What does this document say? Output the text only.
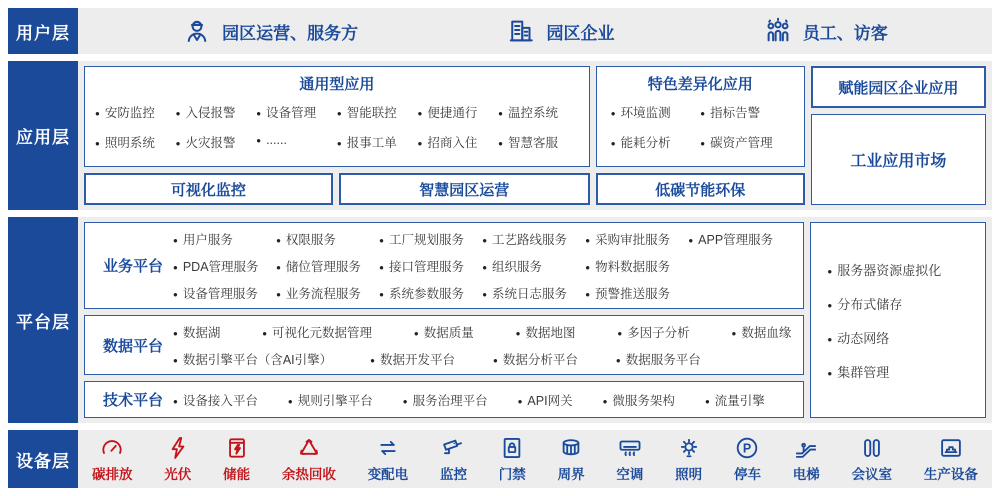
用户层	园区运营、服务方	园区企业	员工、访客
应用层
通用型应用
● 安防监控	● 入侵报警	● 设备管理	● 智能联控	● 便捷通行	● 温控系统
● 照明系统	● 火灾报警	● ......	● 报事工单	● 招商入住	● 智慧客服
特色差异化应用
● 环境监测	● 指标告警
● 能耗分析	● 碳资产管理
赋能园区企业应用
工业应用市场
可视化监控	智慧园区运营	低碳节能环保
平台层
业务平台
● 用户服务	● 权限服务	● 工厂规划服务	● 工艺路线服务	● 采购审批服务	● APP管理服务
● PDA管理服务	● 储位管理服务	● 接口管理服务	● 组织服务	● 物料数据服务
● 设备管理服务	● 业务流程服务	● 系统参数服务	● 系统日志服务	● 预警推送服务
数据平台
● 数据湖	● 可视化元数据管理	● 数据质量	● 数据地图	● 多因子分析	● 数据血缘
● 数据引擎平台（含AI引擎）	● 数据开发平台	● 数据分析平台	● 数据服务平台
技术平台	● 设备接入平台	● 规则引擎平台	● 服务治理平台	● API网关	● 微服务架构	● 流量引擎
● 服务器资源虚拟化
● 分布式储存
● 动态网络
● 集群管理
设备层
碳排放 光伏 储能 余热回收 变配电 监控 门禁 周界 空调 照明
P
停车 电梯 会议室 生产设备
